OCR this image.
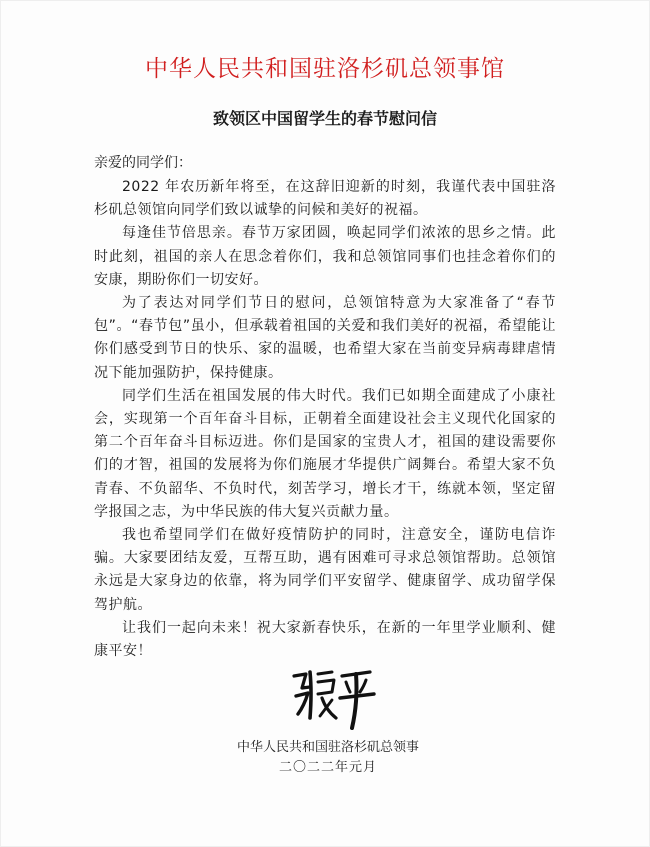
中华人民共和国驻洛杉矶总领事馆
致领区中国留学生的春节慰问信
亲爱的同学们：

2022 年农历新年将至，在这辞旧迎新的时刻，我谨代表中国驻洛杉矶总领馆向同学们致以诚挚的问候和美好的祝福。

每逢佳节倍思亲。春节万家团圆，唤起同学们浓浓的思乡之情。此时此刻，祖国的亲人在思念着你们，我和总领馆同事们也挂念着你们的安康，期盼你们一切安好。

为了表达对同学们节日的慰问，总领馆特意为大家准备了“春节包”。“春节包”虽小，但承载着祖国的关爱和我们美好的祝福，希望能让你们感受到节日的快乐、家的温暖，也希望大家在当前变异病毒肆虐情况下能加强防护，保持健康。

同学们生活在祖国发展的伟大时代。我们已如期全面建成了小康社会，实现第一个百年奋斗目标，正朝着全面建设社会主义现代化国家的第二个百年奋斗目标迈进。你们是国家的宝贵人才，祖国的建设需要你们的才智，祖国的发展将为你们施展才华提供广阔舞台。希望大家不负青春、不负韶华、不负时代，刻苦学习，增长才干，练就本领，坚定留学报国之志，为中华民族的伟大复兴贡献力量。

我也希望同学们在做好疫情防护的同时，注意安全，谨防电信诈骗。大家要团结友爱，互帮互助，遇有困难可寻求总领馆帮助。总领馆永远是大家身边的依靠，将为同学们平安留学、健康留学、成功留学保驾护航。

让我们一起向未来！祝大家新春快乐，在新的一年里学业顺利、健康平安！

中华人民共和国驻洛杉矶总领事
二〇二二年元月
